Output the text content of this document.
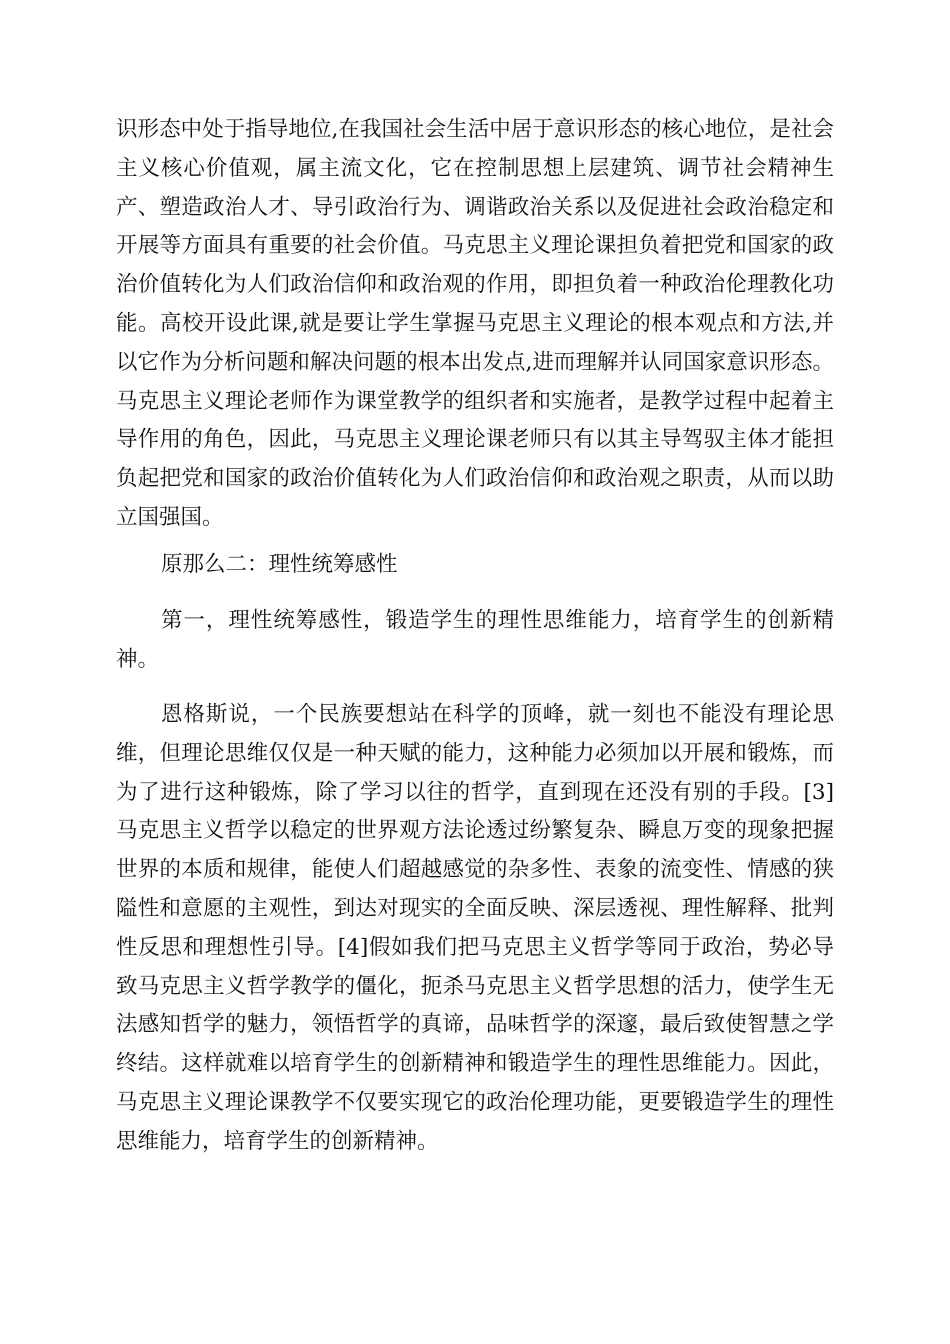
识形态中处于指导地位,在我国社会生活中居于意识形态的核心地位，是社会主义核心价值观，属主流文化，它在控制思想上层建筑、调节社会精神生产、塑造政治人才、导引政治行为、调谐政治关系以及促进社会政治稳定和开展等方面具有重要的社会价值。马克思主义理论课担负着把党和国家的政治价值转化为人们政治信仰和政治观的作用，即担负着一种政治伦理教化功能。高校开设此课,就是要让学生掌握马克思主义理论的根本观点和方法,并以它作为分析问题和解决问题的根本出发点,进而理解并认同国家意识形态。马克思主义理论老师作为课堂教学的组织者和实施者，是教学过程中起着主导作用的角色，因此，马克思主义理论课老师只有以其主导驾驭主体才能担负起把党和国家的政治价值转化为人们政治信仰和政治观之职责，从而以助立国强国。

原那么二：理性统筹感性

第一，理性统筹感性，锻造学生的理性思维能力，培育学生的创新精神。

恩格斯说，一个民族要想站在科学的顶峰，就一刻也不能没有理论思维，但理论思维仅仅是一种天赋的能力，这种能力必须加以开展和锻炼，而为了进行这种锻炼，除了学习以往的哲学，直到现在还没有别的手段。[3]马克思主义哲学以稳定的世界观方法论透过纷繁复杂、瞬息万变的现象把握世界的本质和规律，能使人们超越感觉的杂多性、表象的流变性、情感的狭隘性和意愿的主观性，到达对现实的全面反映、深层透视、理性解释、批判性反思和理想性引导。[4]假如我们把马克思主义哲学等同于政治，势必导致马克思主义哲学教学的僵化，扼杀马克思主义哲学思想的活力，使学生无法感知哲学的魅力，领悟哲学的真谛，品味哲学的深邃，最后致使智慧之学终结。这样就难以培育学生的创新精神和锻造学生的理性思维能力。因此，马克思主义理论课教学不仅要实现它的政治伦理功能，更要锻造学生的理性思维能力，培育学生的创新精神。
